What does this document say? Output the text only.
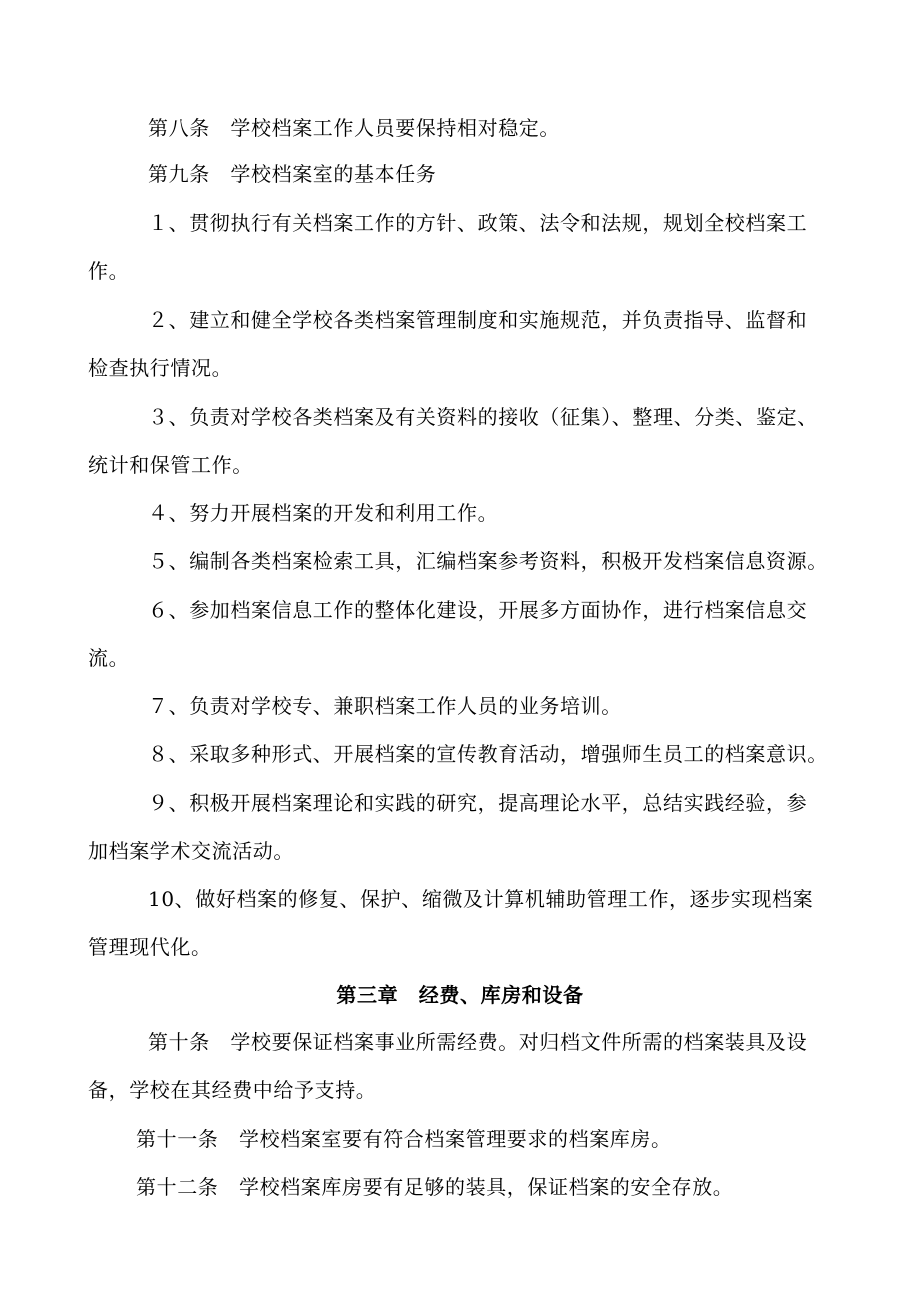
第八条　学校档案工作人员要保持相对稳定。
第九条　学校档案室的基本任务
１、贯彻执行有关档案工作的方针、政策、法令和法规，规划全校档案工
作。
２、建立和健全学校各类档案管理制度和实施规范，并负责指导、监督和
检查执行情况。
３、负责对学校各类档案及有关资料的接收（征集）、整理、分类、鉴定、
统计和保管工作。
４、努力开展档案的开发和利用工作。
５、编制各类档案检索工具，汇编档案参考资料，积极开发档案信息资源。
６、参加档案信息工作的整体化建设，开展多方面协作，进行档案信息交
流。
７、负责对学校专、兼职档案工作人员的业务培训。
８、采取多种形式、开展档案的宣传教育活动，增强师生员工的档案意识。
９、积极开展档案理论和实践的研究，提高理论水平，总结实践经验，参
加档案学术交流活动。
10、做好档案的修复、保护、缩微及计算机辅助管理工作，逐步实现档案
管理现代化。
第三章　经费、库房和设备
第十条　学校要保证档案事业所需经费。对归档文件所需的档案装具及设
备，学校在其经费中给予支持。
第十一条　学校档案室要有符合档案管理要求的档案库房。
第十二条　学校档案库房要有足够的装具，保证档案的安全存放。
